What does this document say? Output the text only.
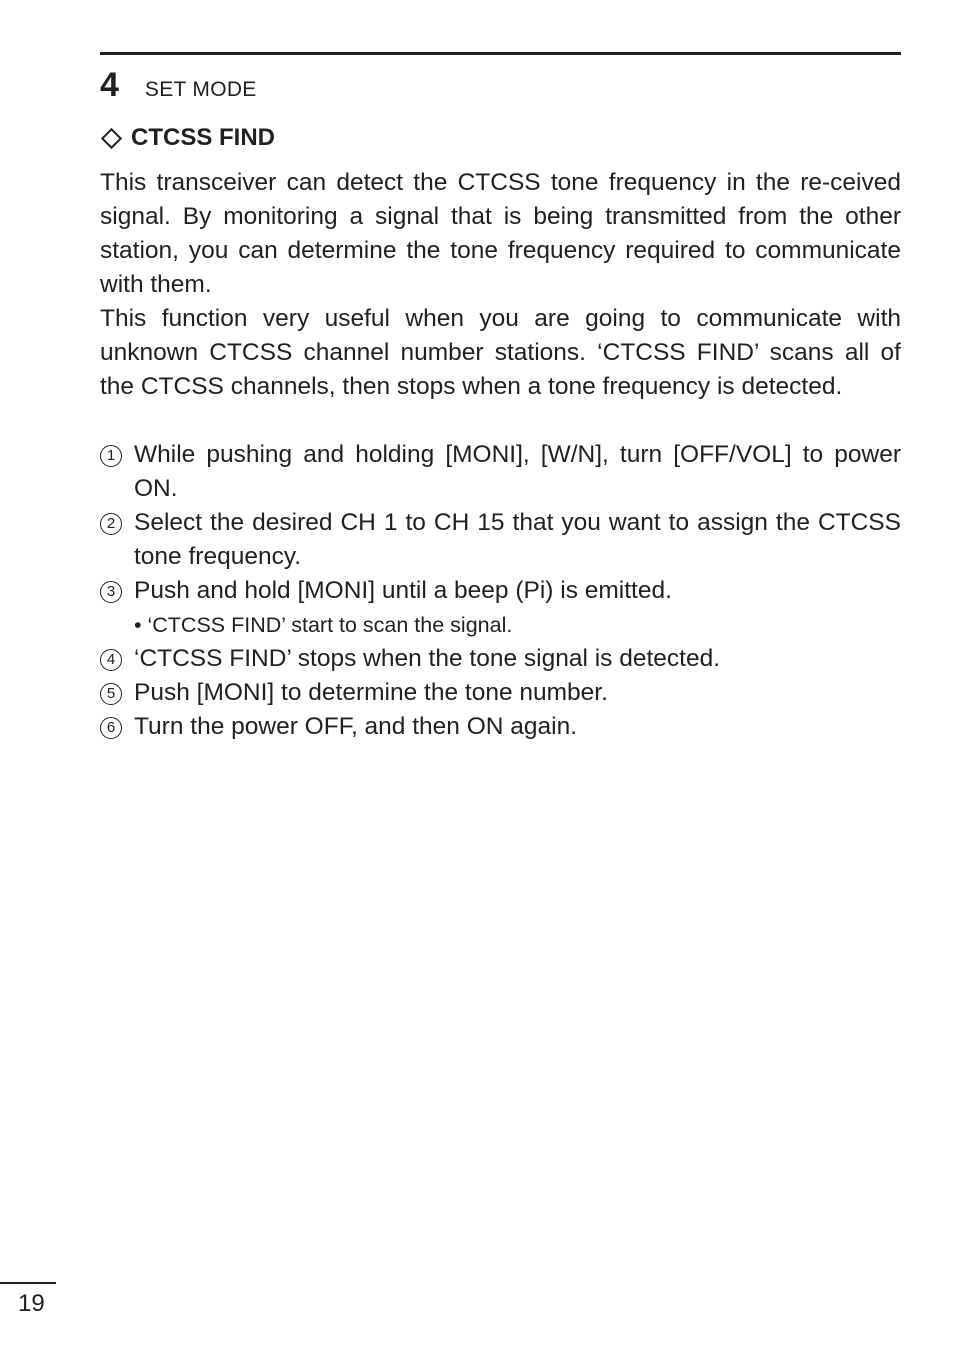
4 SET MODE
CTCSS FIND

This transceiver can detect the CTCSS tone frequency in the re-ceived signal. By monitoring a signal that is being transmitted from the other station, you can determine the tone frequency required to communicate with them.

This function very useful when you are going to communicate with unknown CTCSS channel number stations. ‘CTCSS FIND’ scans all of the CTCSS channels, then stops when a tone frequency is detected.

1 While pushing and holding [MONI], [W/N], turn [OFF/VOL] to power ON.
2 Select the desired CH 1 to CH 15 that you want to assign the CTCSS tone frequency.
3 Push and hold [MONI] until a beep (Pi) is emitted.
• ‘CTCSS FIND’ start to scan the signal.
4 ‘CTCSS FIND’ stops when the tone signal is detected.
5 Push [MONI] to determine the tone number.
6 Turn the power OFF, and then ON again.
19
